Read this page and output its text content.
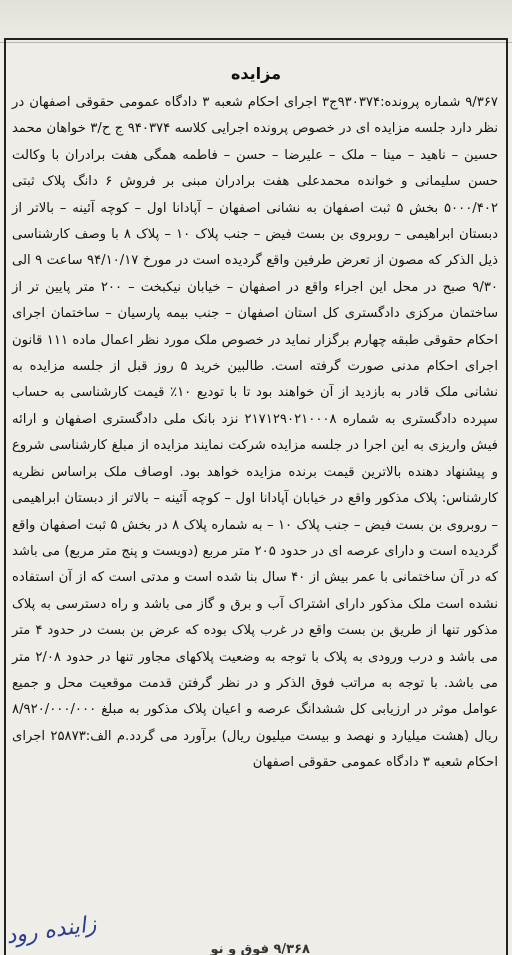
مزایده
۹/۳۶۷ شماره پرونده:۹۳۰۳۷۴ج۳ اجرای احکام شعبه ۳ دادگاه عمومی حقوقی اصفهان در نظر دارد جلسه مزایده ای در خصوص پرونده اجرایی کلاسه ۹۴۰۳۷۴ ج ح/۳ خواهان محمد حسین – ناهید – مینا – ملک – علیرضا – حسن – فاطمه همگی هفت برادران با وکالت حسن سلیمانی و خوانده محمدعلی هفت برادران مبنی بر فروش ۶ دانگ پلاک ثبتی ۵۰۰۰/۴۰۲ بخش ۵ ثبت اصفهان به نشانی اصفهان – آپادانا اول – کوچه آئینه – بالاتر از دبستان ابراهیمی – روبروی بن بست فیض – جنب پلاک ۱۰ – پلاک ۸ با وصف کارشناسی ذیل الذکر که مصون از تعرض طرفین واقع گردیده است در مورخ ۹۴/۱۰/۱۷ ساعت ۹ الی ۹/۳۰ صبح در محل این اجراء واقع در اصفهان – خیابان نیکبخت – ۲۰۰ متر پایین تر از ساختمان مرکزی دادگستری کل استان اصفهان – جنب بیمه پارسیان – ساختمان اجرای احکام حقوقی طبقه چهارم برگزار نماید در خصوص ملک مورد نظر اعمال ماده ۱۱۱ قانون اجرای احکام مدنی صورت گرفته است. طالبین خرید ۵ روز قبل از جلسه مزایده به نشانی ملک قادر به بازدید از آن خواهند بود تا با تودیع ۱۰٪ قیمت کارشناسی به حساب سپرده دادگستری به شماره ۲۱۷۱۲۹۰۲۱۰۰۰۸ نزد بانک ملی دادگستری اصفهان و ارائه فیش واریزی به این اجرا در جلسه مزایده شرکت نمایند مزایده از مبلغ کارشناسی شروع و پیشنهاد دهنده بالاترین قیمت برنده مزایده خواهد بود. اوصاف ملک براساس نظریه کارشناس: پلاک مذکور واقع در خیابان آپادانا اول – کوچه آئینه – بالاتر از دبستان ابراهیمی – روبروی بن بست فیض – جنب پلاک ۱۰ – به شماره پلاک ۸ در بخش ۵ ثبت اصفهان واقع گردیده است و دارای عرصه ای در حدود ۲۰۵ متر مربع (دویست و پنج متر مربع) می باشد که در آن ساختمانی با عمر بیش از ۴۰ سال بنا شده است و مدتی است که از آن استفاده نشده است ملک مذکور دارای اشتراک آب و برق و گاز می باشد و راه دسترسی به پلاک مذکور تنها از طریق بن بست واقع در غرب پلاک بوده که عرض بن بست در حدود ۴ متر می باشد و درب ورودی به پلاک با توجه به وضعیت پلاکهای مجاور تنها در حدود ۲/۰۸ متر می باشد. با توجه به مراتب فوق الذکر و در نظر گرفتن قدمت موقعیت محل و جمیع عوامل موثر در ارزیابی کل ششدانگ عرصه و اعیان پلاک مذکور به مبلغ ۸/۹۲۰/۰۰۰/۰۰۰ ریال (هشت میلیارد و نهصد و بیست میلیون ریال) برآورد می گردد.م الف:۲۵۸۷۳ اجرای احکام شعبه ۳ دادگاه عمومی حقوقی اصفهان
زاینده رود
۹/۳۶۸ فوق و نو
